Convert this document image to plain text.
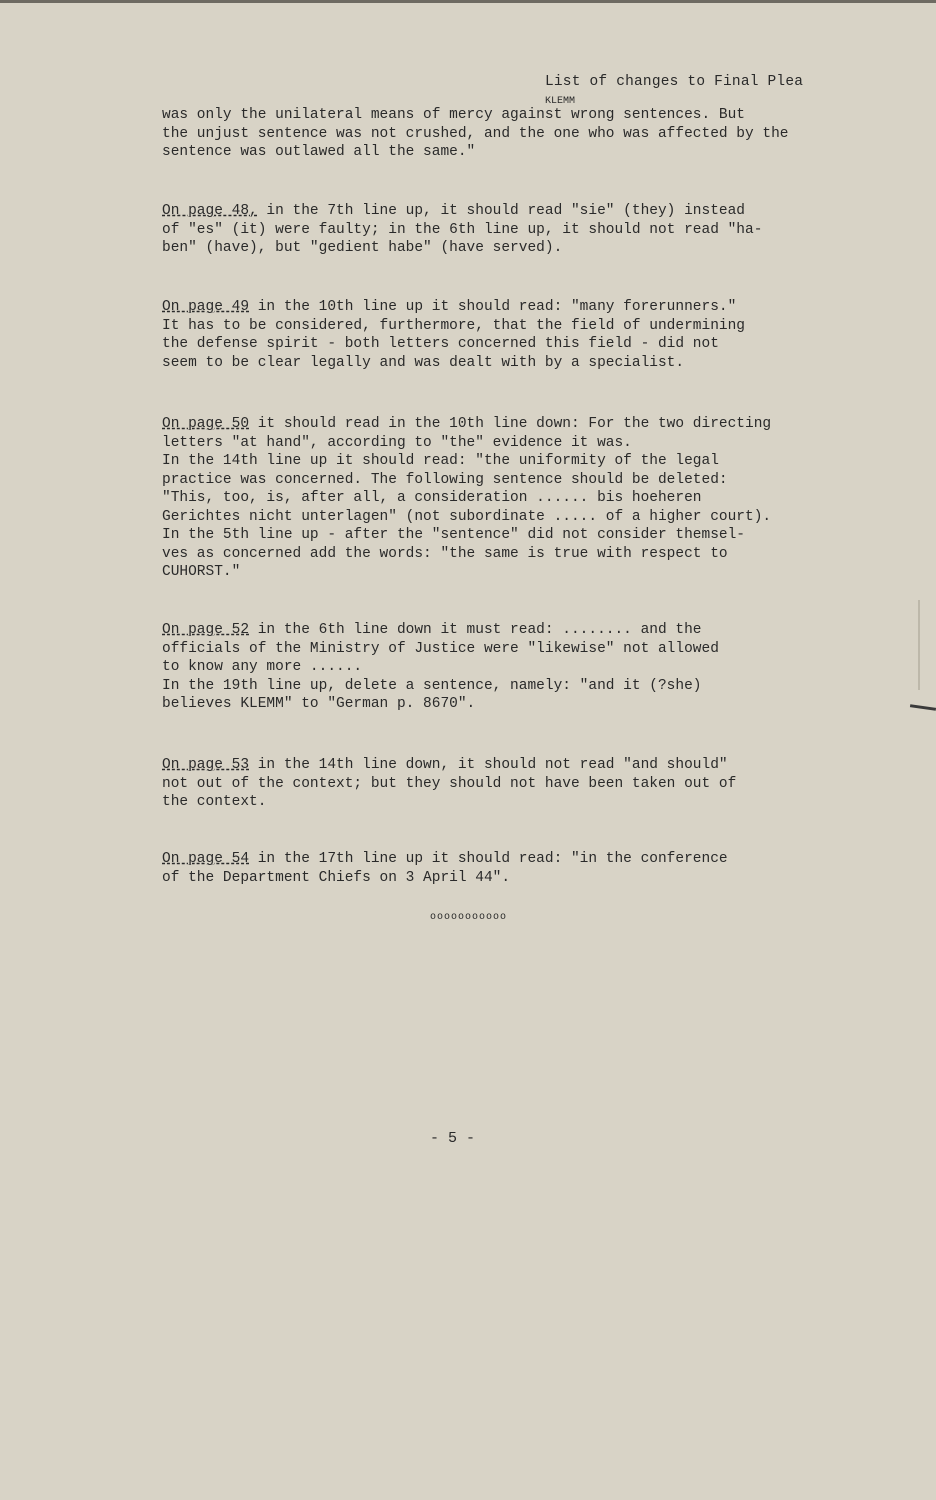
List of changes to Final Plea
KLEMM
was only the unilateral means of mercy against wrong sentences. But
the unjust sentence was not crushed, and the one who was affected by the
sentence was outlawed all the same."
On page 48, in the 7th line up, it should read "sie" (they) instead
of "es" (it) were faulty; in the 6th line up, it should not read "ha-
ben" (have), but "gedient habe" (have served).
On page 49 in the 10th line up it should read: "many forerunners."
It has to be considered, furthermore, that the field of undermining
the defense spirit - both letters concerned this field - did not
seem to be clear legally and was dealt with by a specialist.
On page 50 it should read in the 10th line down: For the two directing
letters "at hand", according to "the" evidence it was.
In the 14th line up it should read: "the uniformity of the legal
practice was concerned. The following sentence should be deleted:
"This, too, is, after all, a consideration ...... bis hoeheren
Gerichtes nicht unterlagen" (not subordinate ..... of a higher court).
In the 5th line up - after the "sentence" did not consider themsel-
ves as concerned add the words: "the same is true with respect to
CUHORST."
On page 52 in the 6th line down it must read: ........ and the
officials of the Ministry of Justice were "likewise" not allowed
to know any more ......
In the 19th line up, delete a sentence, namely: "and it (?she)
believes KLEMM" to "German p. 8670".
On page 53 in the 14th line down, it should not read "and should"
not out of the context; but they should not have been taken out of
the context.
On page 54 in the 17th line up it should read: "in the conference
of the Department Chiefs on 3 April 44".
ooooooooooo
- 5 -
